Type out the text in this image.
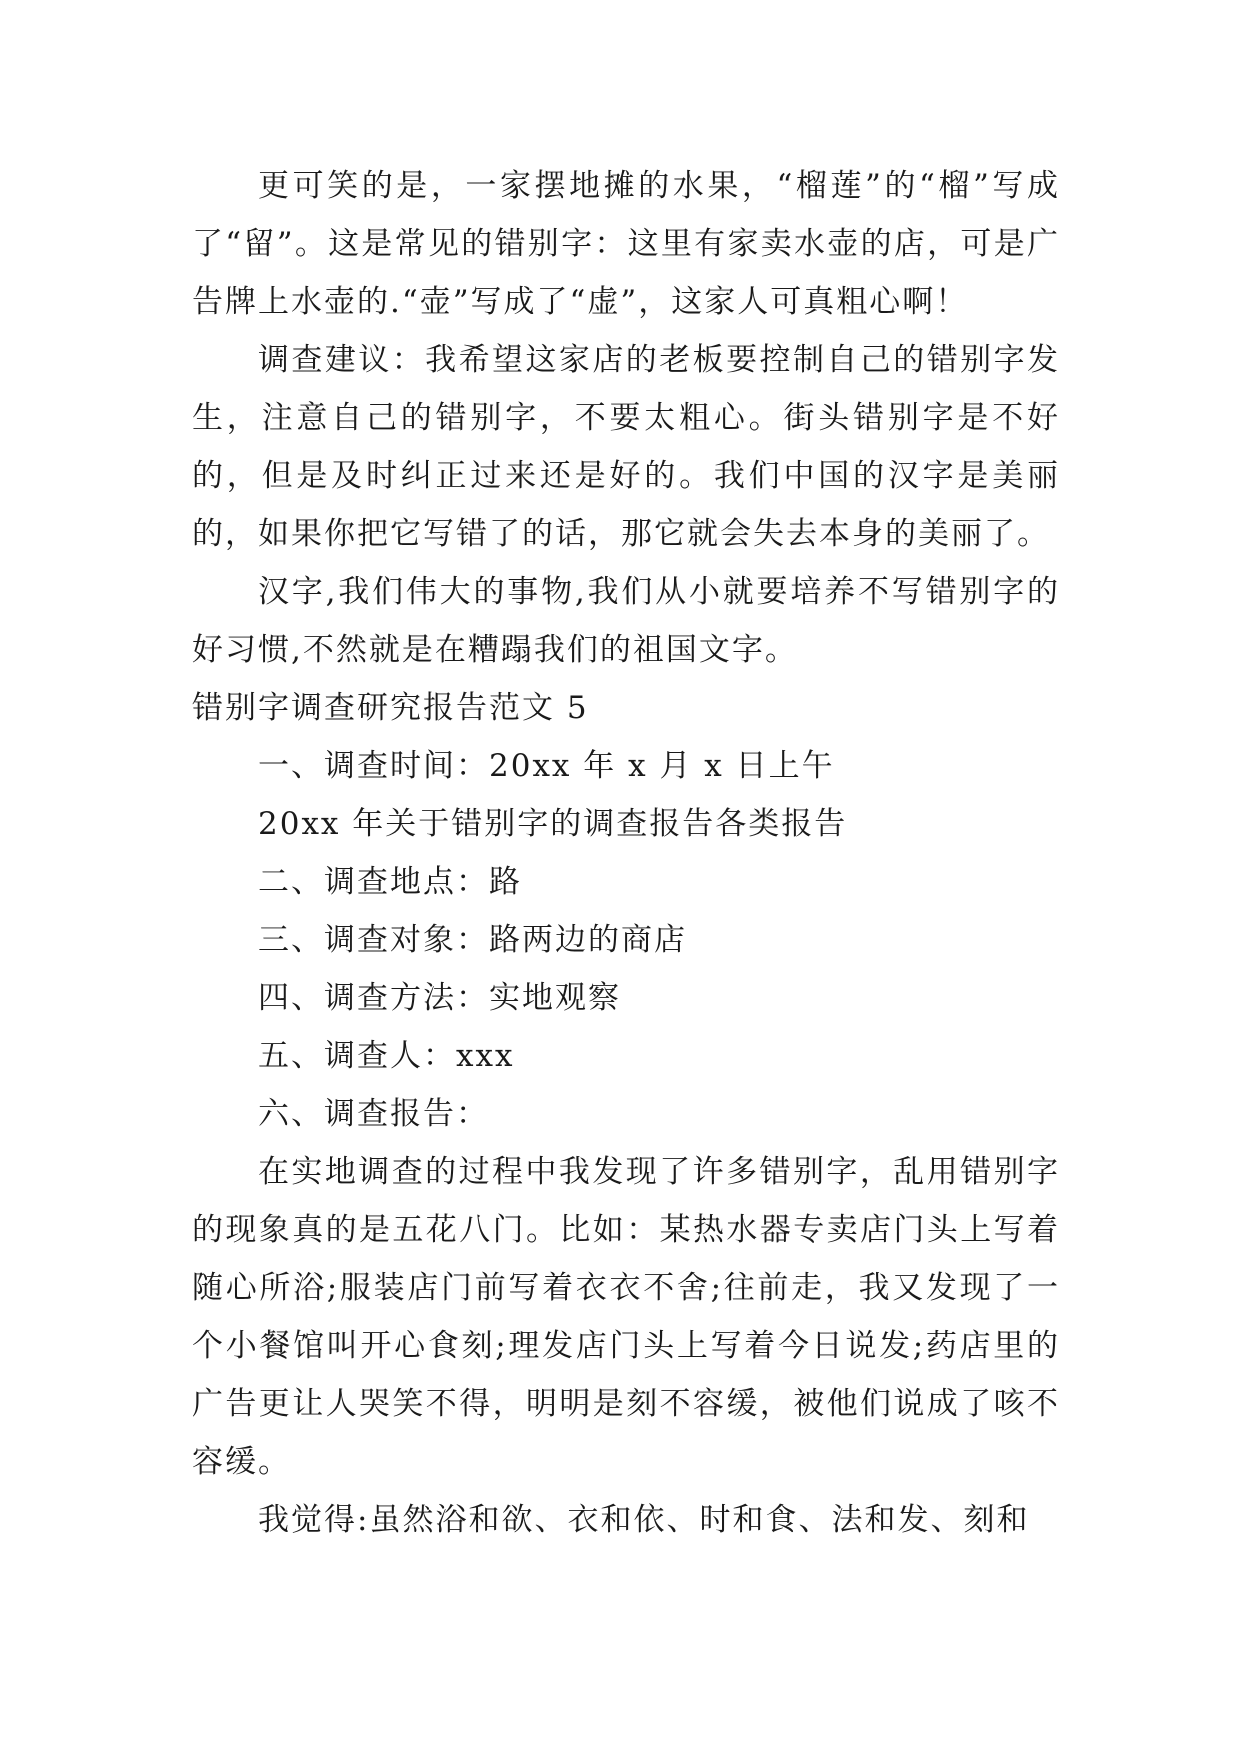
更可笑的是，一家摆地摊的水果，“榴莲”的“榴”写成了“留”。这是常见的错别字：这里有家卖水壶的店，可是广告牌上水壶的.“壶”写成了“虚”，这家人可真粗心啊！

调查建议：我希望这家店的老板要控制自己的错别字发生，注意自己的错别字，不要太粗心。街头错别字是不好的，但是及时纠正过来还是好的。我们中国的汉字是美丽的，如果你把它写错了的话，那它就会失去本身的美丽了。

汉字,我们伟大的事物,我们从小就要培养不写错别字的好习惯,不然就是在糟蹋我们的祖国文字。

错别字调查研究报告范文 5

一、调查时间：20xx 年 x 月 x 日上午

20xx 年关于错别字的调查报告各类报告

二、调查地点：路

三、调查对象：路两边的商店

四、调查方法：实地观察

五、调查人：xxx

六、调查报告：

在实地调查的过程中我发现了许多错别字，乱用错别字的现象真的是五花八门。比如：某热水器专卖店门头上写着随心所浴;服装店门前写着衣衣不舍;往前走，我又发现了一个小餐馆叫开心食刻;理发店门头上写着今日说发;药店里的广告更让人哭笑不得，明明是刻不容缓，被他们说成了咳不容缓。

我觉得:虽然浴和欲、衣和依、时和食、法和发、刻和
